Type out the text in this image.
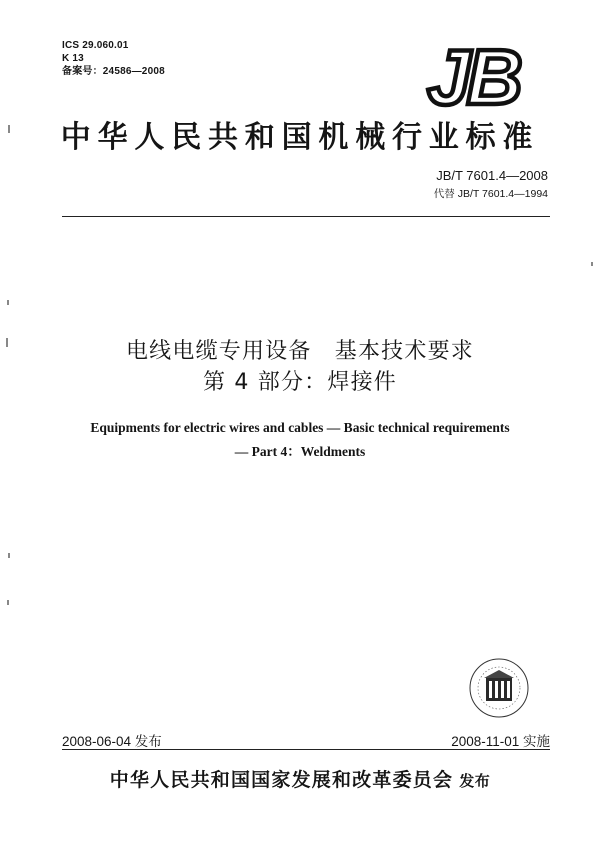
ICS 29.060.01
K 13
备案号：24586—2008	JB
中华人民共和国机械行业标准
JB/T 7601.4—2008
代替 JB/T 7601.4—1994
电线电缆专用设备　基本技术要求
第 4 部分：焊接件
Equipments for electric wires and cables — Basic technical requirements
— Part 4：Weldments
2008-06-04 发布	2008-11-01 实施
中华人民共和国国家发展和改革委员会 发布
